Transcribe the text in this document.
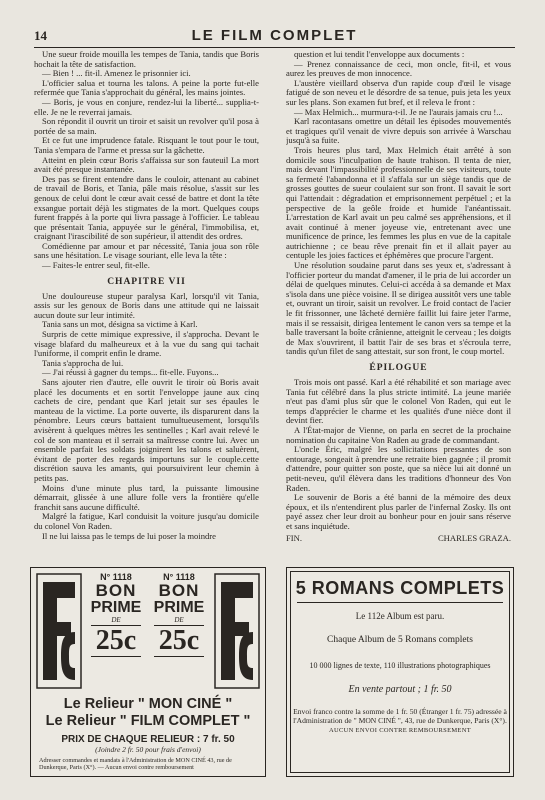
14	LE FILM COMPLET

Une sueur froide mouilla les tempes de Tania, tandis que Boris hochait la tête de satisfaction.

— Bien ! ... fit-il. Amenez le prisonnier ici.

L'officier salua et tourna les talons. A peine la porte fut-elle refermée que Tania s'approchait du général, les mains jointes.

— Boris, je vous en conjure, rendez-lui la liberté... supplia-t-elle. Je ne le reverrai jamais.

Son répondit il ouvrit un tiroir et saisit un revolver qu'il posa à portée de sa main.

Et ce fut une imprudence fatale. Risquant le tout pour le tout, Tania s'empara de l'arme et pressa sur la gâchette.

Atteint en plein cœur Boris s'affaissa sur son fauteuil La mort avait été presque instantanée.

Des pas se firent entendre dans le couloir, attenant au cabinet de travail de Boris, et Tania, pâle mais résolue, s'assit sur les genoux de celui dont le cœur avait cessé de battre et dont la tête exsangue portait déjà les stigmates de la mort. Quelques coups furent frappés à la porte qui livra passage à l'officier. Le tableau que présentait Tania, appuyée sur le général, l'immobilisa, et, craignant l'irascibilité de son supérieur, il attendit des ordres.

Comédienne par amour et par nécessité, Tania joua son rôle sans une hésitation. Le visage souriant, elle leva la tête :

— Faites-le entrer seul, fit-elle.

CHAPITRE VII

Une douloureuse stupeur paralysa Karl, lorsqu'il vit Tania, assis sur les genoux de Boris dans une attitude qui ne laissait aucun doute sur leur intimité.

Tania sans un mot, désigna sa victime à Karl.

Surpris de cette mimique expressive, il s'approcha. Devant le visage blafard du malheureux et à la vue du sang qui tachait l'uniforme, il comprit enfin le drame.

Tania s'approcha de lui.

— J'ai réussi à gagner du temps... fit-elle. Fuyons...

Sans ajouter rien d'autre, elle ouvrit le tiroir où Boris avait placé les documents et en sortit l'enveloppe jaune aux cinq cachets de cire, pendant que Karl jetait sur ses épaules le manteau de la victime. La porte ouverte, ils disparurent dans la pénombre. Leurs cœurs battaient tumultueusement, lorsqu'ils avisèrent à quelques mètres les sentinelles ; Karl avait relevé le col de son manteau et il serrait sa maîtresse contre lui. Avec un ensemble parfait les soldats joignirent les talons et saluèrent, évitant de porter des regards importuns sur le couple.cette discrétion sauva les amants, qui poursuivirent leur chemin à petits pas.

Moins d'une minute plus tard, la puissante limousine démarrait, glissée à une allure folle vers la frontière qu'elle franchit sans aucune difficulté.

Malgré la fatigue, Karl conduisit la voiture jusqu'au domicile du colonel Von Raden.

Il ne lui laissa pas le temps de lui poser la moindre

question et lui tendit l'enveloppe aux documents :

— Prenez connaissance de ceci, mon oncle, fit-il, et vous aurez les preuves de mon innocence.

L'austère vieillard observa d'un rapide coup d'œil le visage fatigué de son neveu et le désordre de sa tenue, puis jeta les yeux sur les plans. Son examen fut bref, et il releva le front :

— Max Helmich... murmura-t-il. Je ne l'aurais jamais cru !...

Karl racontasans omettre un détail les épisodes mouvementés et tragiques qu'il venait de vivre depuis son arrivée à Warschau jusqu'à sa fuite.

Trois heures plus tard, Max Helmich était arrêté à son domicile sous l'inculpation de haute trahison. Il tenta de nier, mais devant l'impassibilité professionnelle de ses visiteurs, toute sa fermeté l'abandonna et il s'affala sur un siège tandis que de grosses gouttes de sueur coulaient sur son front. Il savait le sort qui l'attendait : dégradation et emprisonnement perpétuel ; et la perspective de la geôle froide et humide l'anéantissait. L'arrestation de Karl avait un peu calmé ses appréhensions, et il avait continué à mener joyeuse vie, entretenant avec une munificence de prince, les femmes les plus en vue de la capitale autrichienne ; ce beau rêve prenait fin et il allait payer au centuple les joies factices et éphémères que procure l'argent.

Une résolution soudaine parut dans ses yeux et, s'adressant à l'officier porteur du mandat d'amener, il le pria de lui accorder un délai de quelques minutes. Celui-ci accéda à sa demande et Max s'isola dans une pièce voisine. Il se dirigea aussitôt vers une table et, ouvrant un tiroir, saisit un revolver. Le froid contact de l'acier le fit frissonner, une lâcheté dernière faillit lui faire jeter l'arme, mais il se ressaisit, dirigea lentement le canon vers sa tempe et la balle traversant la boîte crânienne, atteignit le cerveau ; les doigts de Max s'ouvrirent, il battit l'air de ses bras et s'écroula terre, tandis qu'un filet de sang attestait, sur son front, le coup mortel.

ÉPILOGUE

Trois mois ont passé. Karl a été réhabilité et son mariage avec Tania fut célébré dans la plus stricte intimité. La jeune mariée n'eut pas d'ami plus sûr que le colonel Von Raden, qui eut le temps d'apprécier le charme et les qualités d'une nièce dont il devint fier.

A l'État-major de Vienne, on parla en secret de la prochaine nomination du capitaine Von Raden au grade de commandant.

L'oncle Éric, malgré les sollicitations pressantes de son entourage, songeait à prendre une retraite bien gagnée ; il promit d'attendre, pour quitter son poste, que sa nièce lui ait donné un petit-neveu, qu'il élèvera dans les traditions d'honneur des Von Raden.

Le souvenir de Boris a été banni de la mémoire des deux époux, et ils n'entendirent plus parler de l'infernal Zosky. Ils ont payé assez cher leur droit au bonheur pour en jouir sans réserve et sans inquiétude.

FIN.	CHARLES GRAZA.
N° 1118
BON
PRIME
DE
25c
N° 1118
BON
PRIME
DE
25c
Le Relieur " MON CINÉ "
Le Relieur " FILM COMPLET "
PRIX DE CHAQUE RELIEUR : 7 fr. 50
(Joindre 2 fr. 50 pour frais d'envoi)
Adresser commandes et mandats à l'Administration de MON CINÉ 43, rue de Dunkerque, Paris (X°). — Aucun envoi contre remboursement
5 ROMANS COMPLETS
Le 112e Album est paru.
Chaque Album de 5 Romans complets
10 000 lignes de texte, 110 illustrations photographiques
En vente partout ; 1 fr. 50
Envoi franco contre la somme de 1 fr. 50 (Étranger 1 fr. 75) adressée à l'Administration de " MON CINÉ ", 43, rue de Dunkerque, Paris (X°).
AUCUN ENVOI CONTRE REMBOURSEMENT
